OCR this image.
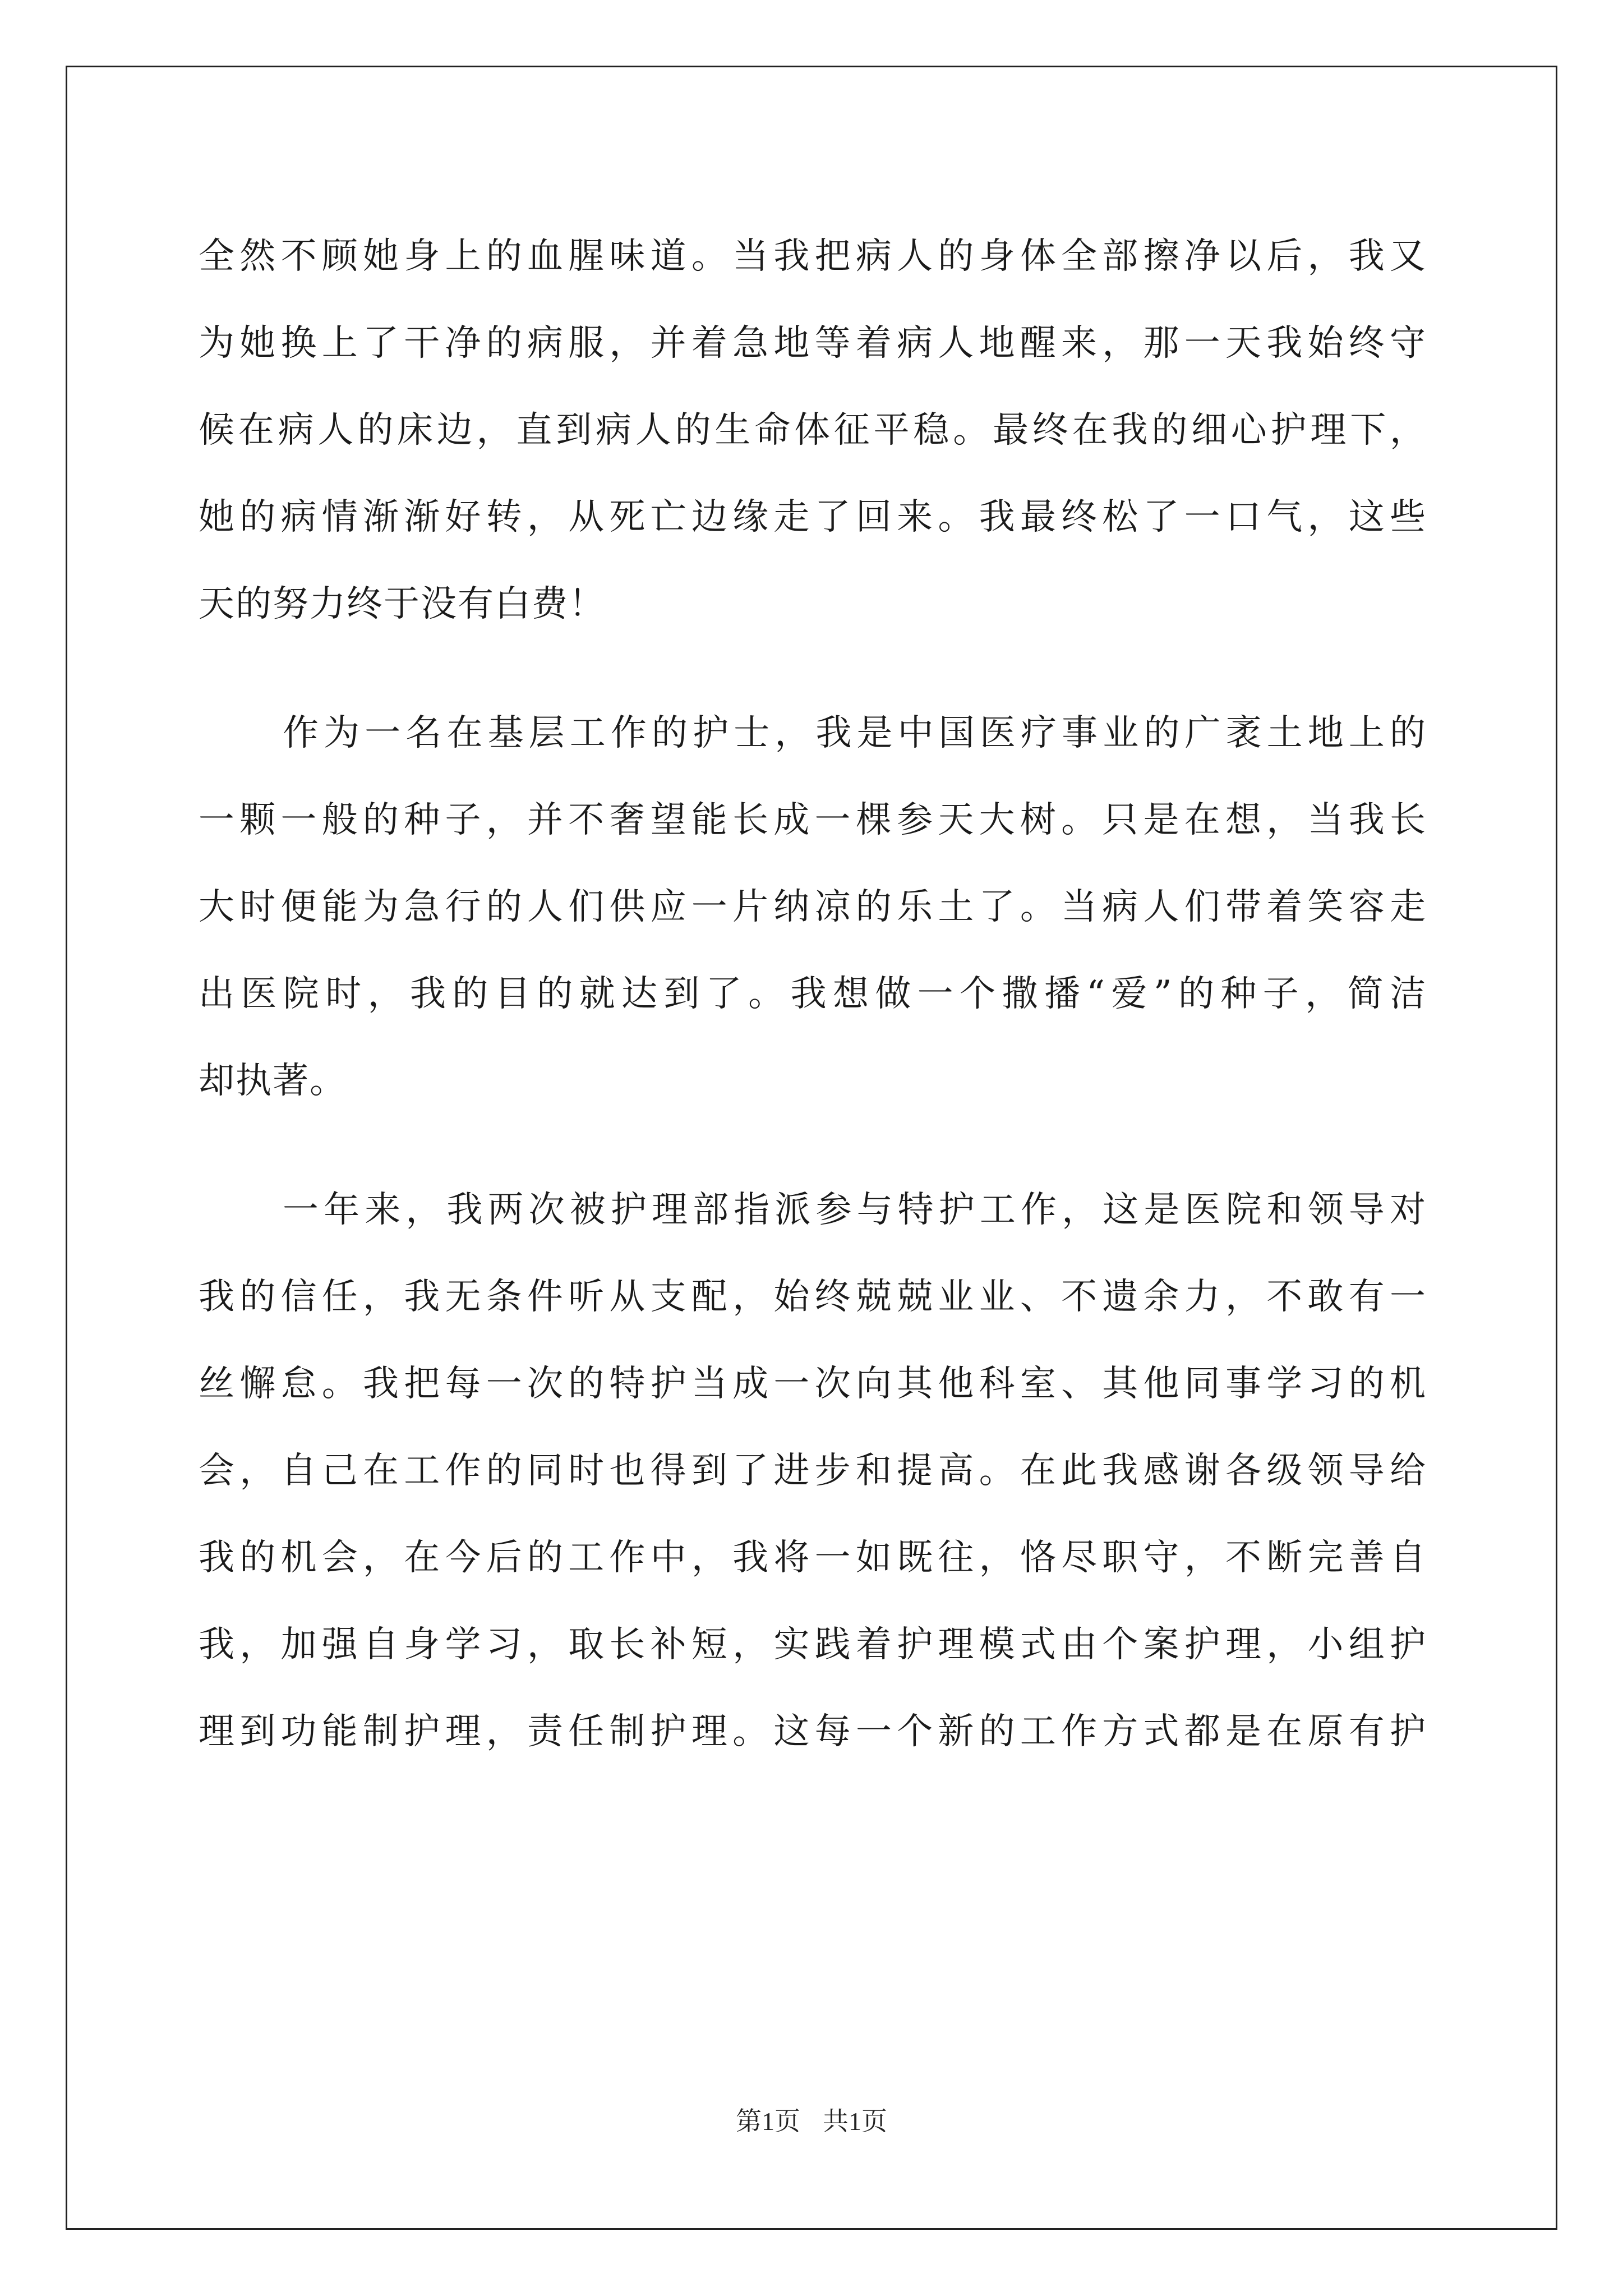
全然不顾她身上的血腥味道。当我把病人的身体全部擦净以后，我又
为她换上了干净的病服，并着急地等着病人地醒来，那一天我始终守
候在病人的床边，直到病人的生命体征平稳。最终在我的细心护理下，
她的病情渐渐好转，从死亡边缘走了回来。我最终松了一口气，这些
天的努力终于没有白费！

作为一名在基层工作的护士，我是中国医疗事业的广袤土地上的
一颗一般的种子，并不奢望能长成一棵参天大树。只是在想，当我长
大时便能为急行的人们供应一片纳凉的乐土了。当病人们带着笑容走
出医院时，我的目的就达到了。我想做一个撒播“爱”的种子，简洁
却执著。

一年来，我两次被护理部指派参与特护工作，这是医院和领导对
我的信任，我无条件听从支配，始终兢兢业业、不遗余力，不敢有一
丝懈怠。我把每一次的特护当成一次向其他科室、其他同事学习的机
会，自己在工作的同时也得到了进步和提高。在此我感谢各级领导给
我的机会，在今后的工作中，我将一如既往，恪尽职守，不断完善自
我，加强自身学习，取长补短，实践着护理模式由个案护理，小组护
理到功能制护理，责任制护理。这每一个新的工作方式都是在原有护

第1页 共1页
